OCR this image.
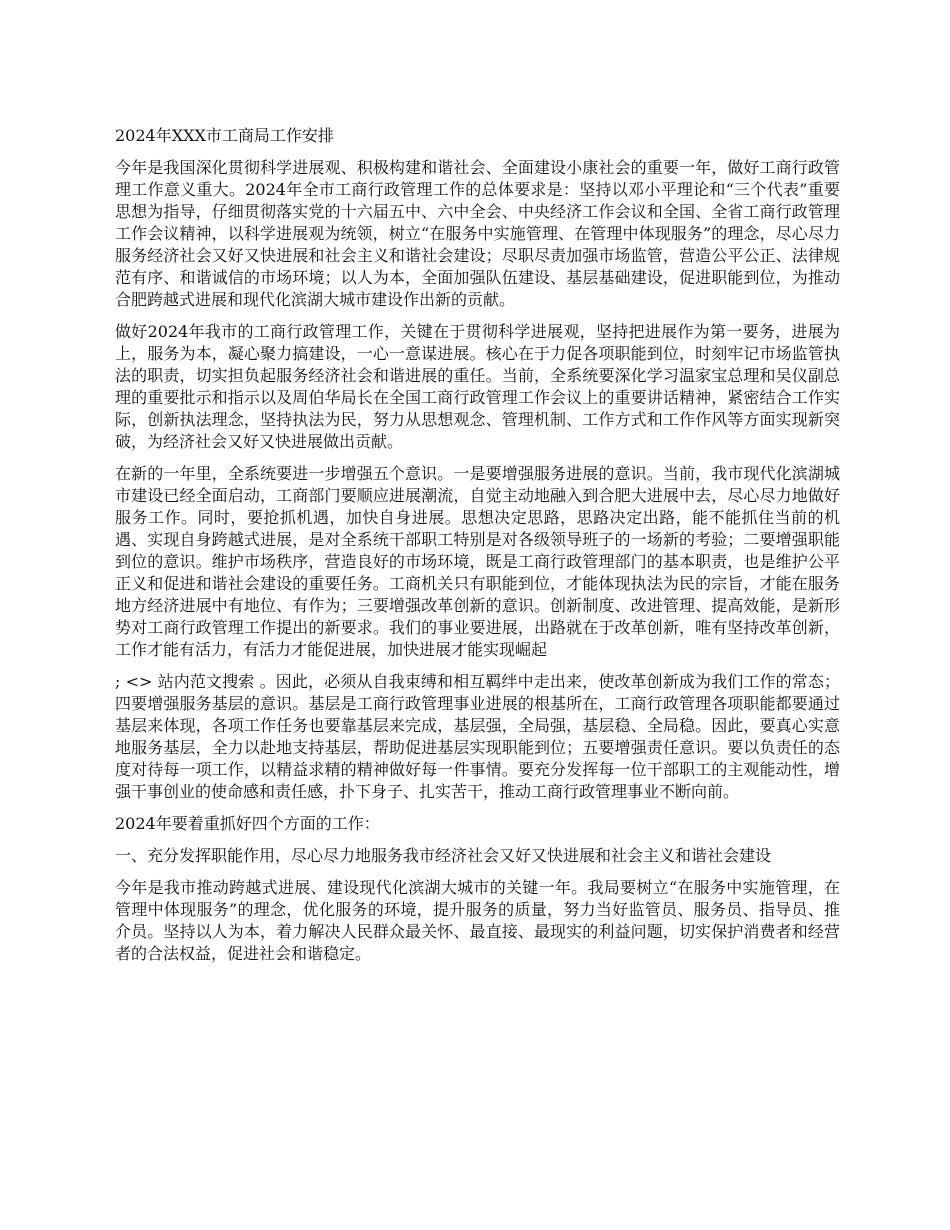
2024年XXX市工商局工作安排

今年是我国深化贯彻科学进展观、积极构建和谐社会、全面建设小康社会的重要一年，做好工商行政管理工作意义重大。2024年全市工商行政管理工作的总体要求是：坚持以邓小平理论和“三个代表”重要思想为指导，仔细贯彻落实党的十六届五中、六中全会、中央经济工作会议和全国、全省工商行政管理工作会议精神，以科学进展观为统领，树立“在服务中实施管理、在管理中体现服务”的理念，尽心尽力服务经济社会又好又快进展和社会主义和谐社会建设；尽职尽责加强市场监管，营造公平公正、法律规范有序、和谐诚信的市场环境；以人为本，全面加强队伍建设、基层基础建设，促进职能到位，为推动合肥跨越式进展和现代化滨湖大城市建设作出新的贡献。

做好2024年我市的工商行政管理工作，关键在于贯彻科学进展观，坚持把进展作为第一要务，进展为上，服务为本，凝心聚力搞建设，一心一意谋进展。核心在于力促各项职能到位，时刻牢记市场监管执法的职责，切实担负起服务经济社会和谐进展的重任。当前，全系统要深化学习温家宝总理和吴仪副总理的重要批示和指示以及周伯华局长在全国工商行政管理工作会议上的重要讲话精神，紧密结合工作实际，创新执法理念，坚持执法为民，努力从思想观念、管理机制、工作方式和工作作风等方面实现新突破，为经济社会又好又快进展做出贡献。

在新的一年里，全系统要进一步增强五个意识。一是要增强服务进展的意识。当前，我市现代化滨湖城市建设已经全面启动，工商部门要顺应进展潮流，自觉主动地融入到合肥大进展中去，尽心尽力地做好服务工作。同时，要抢抓机遇，加快自身进展。思想决定思路，思路决定出路，能不能抓住当前的机遇、实现自身跨越式进展，是对全系统干部职工特别是对各级领导班子的一场新的考验；二要增强职能到位的意识。维护市场秩序，营造良好的市场环境，既是工商行政管理部门的基本职责，也是维护公平正义和促进和谐社会建设的重要任务。工商机关只有职能到位，才能体现执法为民的宗旨，才能在服务地方经济进展中有地位、有作为；三要增强改革创新的意识。创新制度、改进管理、提高效能，是新形势对工商行政管理工作提出的新要求。我们的事业要进展，出路就在于改革创新，唯有坚持改革创新，工作才能有活力，有活力才能促进展，加快进展才能实现崛起

; <> 站内范文搜索 。因此，必须从自我束缚和相互羁绊中走出来，使改革创新成为我们工作的常态；四要增强服务基层的意识。基层是工商行政管理事业进展的根基所在，工商行政管理各项职能都要通过基层来体现，各项工作任务也要靠基层来完成，基层强，全局强，基层稳、全局稳。因此，要真心实意地服务基层，全力以赴地支持基层，帮助促进基层实现职能到位；五要增强责任意识。要以负责任的态度对待每一项工作，以精益求精的精神做好每一件事情。要充分发挥每一位干部职工的主观能动性，增强干事创业的使命感和责任感，扑下身子、扎实苦干，推动工商行政管理事业不断向前。

2024年要着重抓好四个方面的工作：

一、充分发挥职能作用，尽心尽力地服务我市经济社会又好又快进展和社会主义和谐社会建设

今年是我市推动跨越式进展、建设现代化滨湖大城市的关键一年。我局要树立“在服务中实施管理，在管理中体现服务”的理念，优化服务的环境，提升服务的质量，努力当好监管员、服务员、指导员、推介员。坚持以人为本，着力解决人民群众最关怀、最直接、最现实的利益问题，切实保护消费者和经营者的合法权益，促进社会和谐稳定。
